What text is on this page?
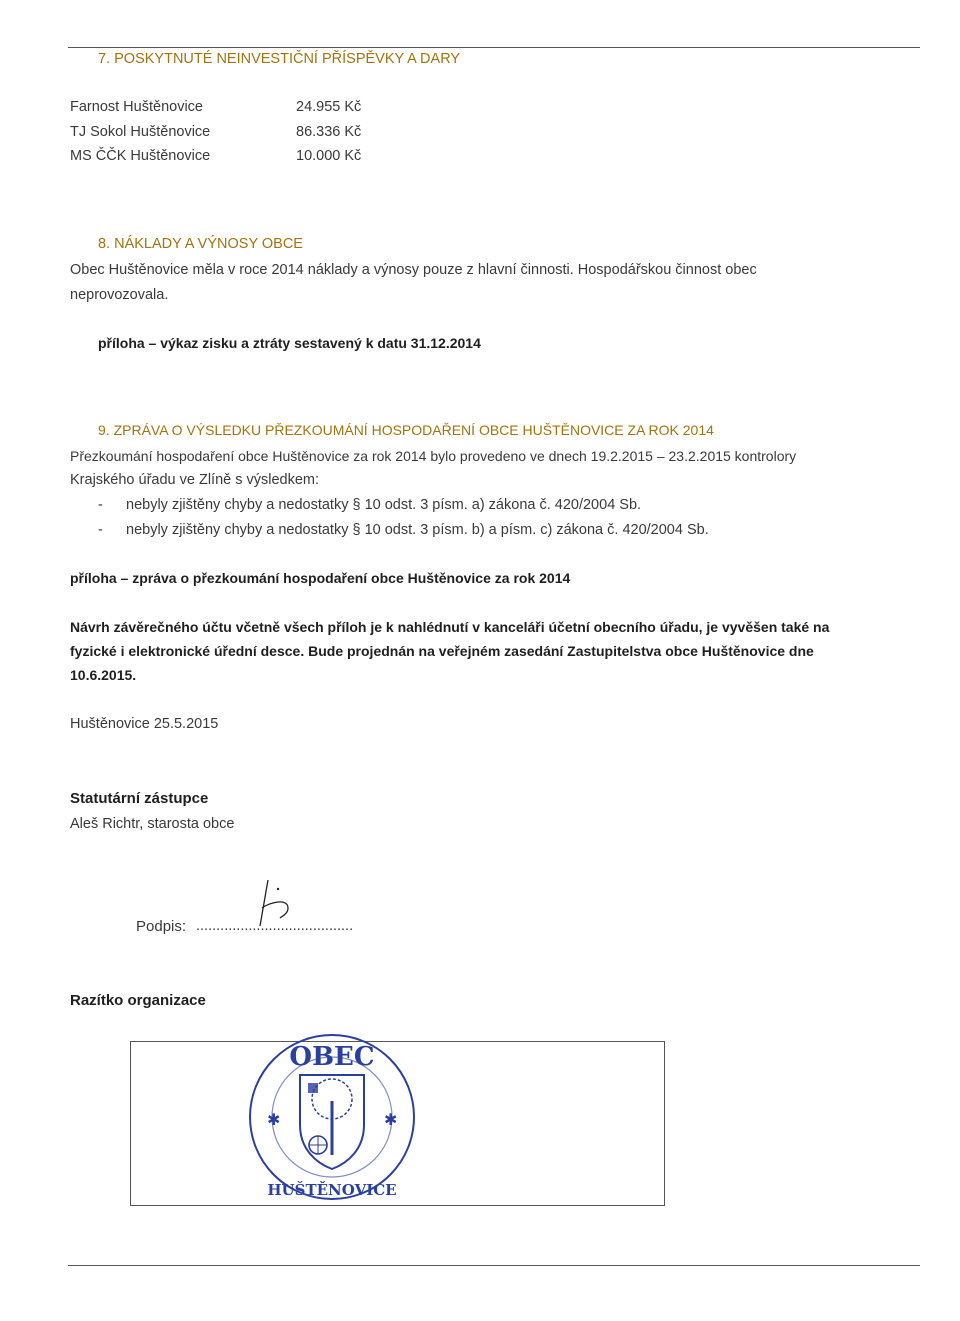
7. POSKYTNUTÉ NEINVESTIČNÍ PŘÍSPĚVKY A DARY
Farnost Huštěnovice	24.955 Kč
TJ Sokol Huštěnovice	86.336 Kč
MS ČČK Huštěnovice	10.000 Kč
8. NÁKLADY A VÝNOSY OBCE
Obec Huštěnovice měla v roce 2014 náklady a výnosy pouze z hlavní činnosti. Hospodářskou činnost obec
neprovozovala.
příloha – výkaz zisku a ztráty sestavený k datu 31.12.2014
9. ZPRÁVA O VÝSLEDKU PŘEZKOUMÁNÍ HOSPODAŘENÍ OBCE HUŠTĚNOVICE ZA ROK 2014
Přezkoumání hospodaření obce Huštěnovice za rok 2014 bylo provedeno ve dnech 19.2.2015 – 23.2.2015 kontrolory
Krajského úřadu ve Zlíně s výsledkem:
- nebyly zjištěny chyby a nedostatky § 10 odst. 3 písm. a) zákona č. 420/2004 Sb.
- nebyly zjištěny chyby a nedostatky § 10 odst. 3 písm. b) a písm. c) zákona č. 420/2004 Sb.
příloha – zpráva o přezkoumání hospodaření obce Huštěnovice za rok 2014
Návrh závěrečného účtu včetně všech příloh je k nahlédnutí v kanceláři účetní obecního úřadu, je vyvěšen také na
fyzické i elektronické úřední desce. Bude projednán na veřejném zasedání Zastupitelstva obce Huštěnovice dne
10.6.2015.
Huštěnovice 25.5.2015
Statutární zástupce
Aleš Richtr, starosta obce
Podpis: .......................................
Razítko organizace
✱	✱
OBEC
HUŠTĚNOVICE
